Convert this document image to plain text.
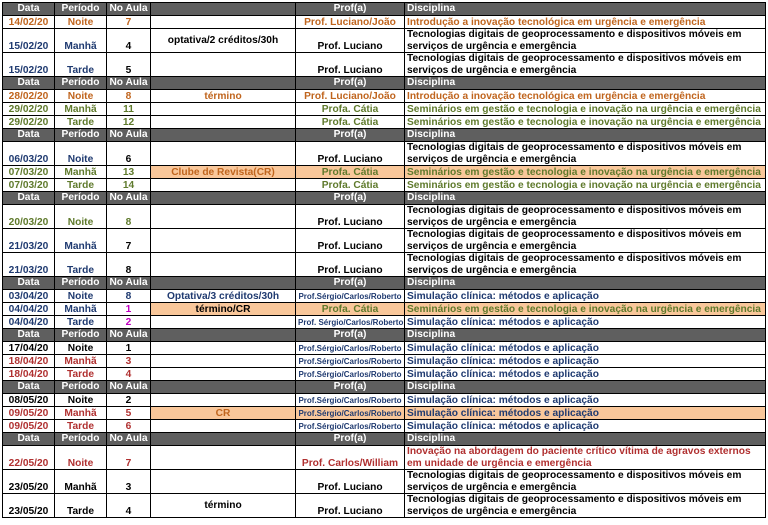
Data	Período	No Aula		Prof(a)	Disciplina
14/02/20	Noite	7		Prof. Luciano/João	Introdução a inovação tecnológica em urgência e emergência
15/02/20	Manhã	4	optativa/2 créditos/30h	Prof. Luciano	Tecnologias digitais de geoprocessamento e dispositivos móveis em serviços de urgência e emergência
15/02/20	Tarde	5		Prof. Luciano	Tecnologias digitais de geoprocessamento e dispositivos móveis em serviços de urgência e emergência
Data	Período	No Aula		Prof(a)	Disciplina
28/02/20	Noite	8	término	Prof. Luciano/João	Introdução a inovação tecnológica em urgência e emergência
29/02/20	Manhã	11		Profa. Cátia	Seminários em gestão e tecnologia e inovação na urgência e emergência
29/02/20	Tarde	12		Profa. Cátia	Seminários em gestão e tecnologia e inovação na urgência e emergência
Data	Período	No Aula		Prof(a)	Disciplina
06/03/20	Noite	6		Prof. Luciano	Tecnologias digitais de geoprocessamento e dispositivos móveis em serviços de urgência e emergência
07/03/20	Manhã	13	Clube de Revista(CR)	Profa. Cátia	Seminários em gestão e tecnologia e inovação na urgência e emergência
07/03/20	Tarde	14		Profa. Cátia	Seminários em gestão e tecnologia e inovação na urgência e emergência
Data	Período	No Aula		Prof(a)	Disciplina
20/03/20	Noite	8		Prof. Luciano	Tecnologias digitais de geoprocessamento e dispositivos móveis em serviços de urgência e emergência
21/03/20	Manhã	7		Prof. Luciano	Tecnologias digitais de geoprocessamento e dispositivos móveis em serviços de urgência e emergência
21/03/20	Tarde	8		Prof. Luciano	Tecnologias digitais de geoprocessamento e dispositivos móveis em serviços de urgência e emergência
Data	Período	No Aula		Prof(a)	Disciplina
03/04/20	Noite	8	Optativa/3 créditos/30h	Prof.Sérgio/Carlos/Roberto	Simulação clínica: métodos e aplicação
04/04/20	Manhã	1	término/CR	Profa. Cátia	Seminários em gestão e tecnologia e inovação na urgência e emergência
04/04/20	Tarde	2		Prof. Sérgio/Carlos/Roberto	Simulação clínica: métodos e aplicação
Data	Período	No Aula		Prof(a)	Disciplina
17/04/20	Noite	1		Prof.Sérgio/Carlos/Roberto	Simulação clínica: métodos e aplicação
18/04/20	Manhã	3		Prof.Sérgio/Carlos/Roberto	Simulação clínica: métodos e aplicação
18/04/20	Tarde	4		Prof.Sérgio/Carlos/Roberto	Simulação clínica: métodos e aplicação
Data	Período	No Aula		Prof(a)	Disciplina
08/05/20	Noite	2		Prof.Sérgio/Carlos/Roberto	Simulação clínica: métodos e aplicação
09/05/20	Manhã	5	CR	Prof.Sérgio/Carlos/Roberto	Simulação clínica: métodos e aplicação
09/05/20	Tarde	6		Prof.Sérgio/Carlos/Roberto	Simulação clínica: métodos e aplicação
Data	Período	No Aula		Prof(a)	Disciplina
22/05/20	Noite	7		Prof. Carlos/William	Inovação na abordagem do paciente crítico vítima de agravos externos em unidade de urgência e emergência
23/05/20	Manhã	3		Prof. Luciano	Tecnologias digitais de geoprocessamento e dispositivos móveis em serviços de urgência e emergência
23/05/20	Tarde	4	término	Prof. Luciano	Tecnologias digitais de geoprocessamento e dispositivos móveis em serviços de urgência e emergência
